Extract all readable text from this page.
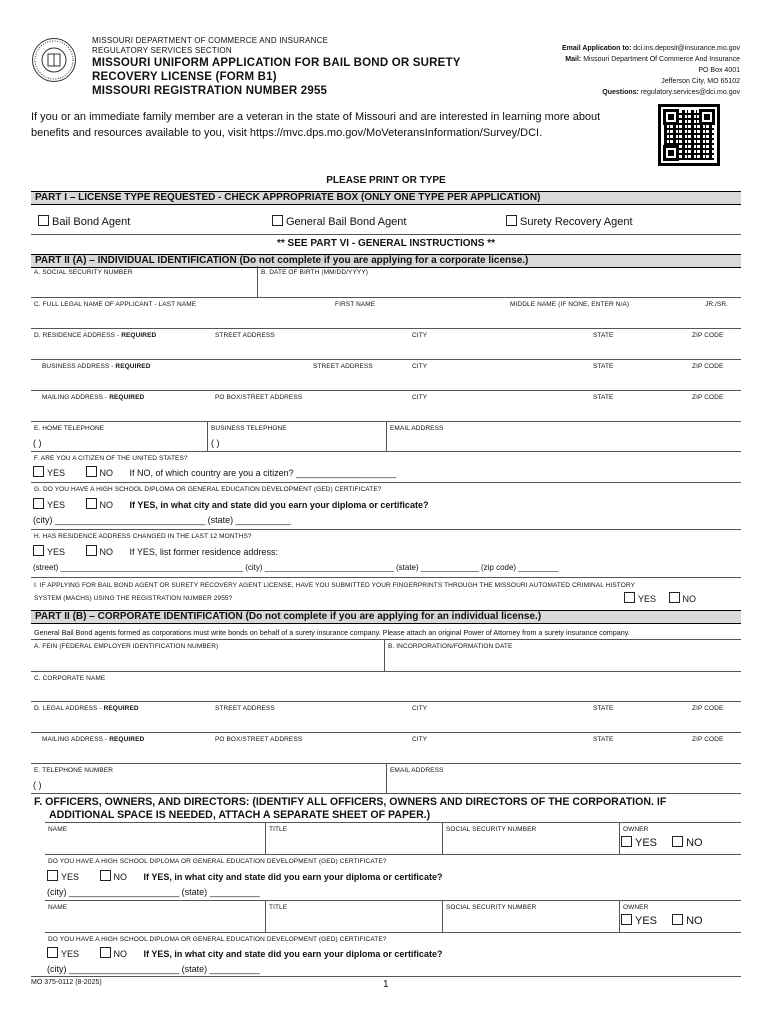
MISSOURI DEPARTMENT OF COMMERCE AND INSURANCE
REGULATORY SERVICES SECTION
MISSOURI UNIFORM APPLICATION FOR BAIL BOND OR SURETY
RECOVERY LICENSE (FORM B1)
MISSOURI REGISTRATION NUMBER 2955
Email Application to: dci.ins.deposit@insurance.mo.gov
Mail: Missouri Department Of Commerce And Insurance
PO Box 4001
Jefferson City, MO 65102
Questions: regulatory.services@dci.mo.gov
If you or an immediate family member are a veteran in the state of Missouri and are interested in learning more about
benefits and resources available to you, visit https://mvc.dps.mo.gov/MoVeteransInformation/Survey/DCI.
PLEASE PRINT OR TYPE
PART I – LICENSE TYPE REQUESTED - CHECK APPROPRIATE BOX (ONLY ONE TYPE PER APPLICATION)
Bail Bond Agent	General Bail Bond Agent	Surety Recovery Agent
** SEE PART VI - GENERAL INSTRUCTIONS **
PART II (A) – INDIVIDUAL IDENTIFICATION (Do not complete if you are applying for a corporate license.)
A. SOCIAL SECURITY NUMBER	B. DATE OF BIRTH (MM/DD/YYYY)
C. FULL LEGAL NAME OF APPLICANT - LAST NAME	FIRST NAME	MIDDLE NAME (IF NONE, ENTER N/A)	JR./SR.
D. RESIDENCE ADDRESS - REQUIRED	STREET ADDRESS	CITY	STATE	ZIP CODE
BUSINESS ADDRESS - REQUIRED	STREET ADDRESS	CITY	STATE	ZIP CODE
MAILING ADDRESS - REQUIRED	PO BOX/STREET ADDRESS	CITY	STATE	ZIP CODE
E. HOME TELEPHONE	BUSINESS TELEPHONE	EMAIL ADDRESS
( )	( )
F. ARE YOU A CITIZEN OF THE UNITED STATES?
YES	NO If NO, of which country are you a citizen? ____________________
G. DO YOU HAVE A HIGH SCHOOL DIPLOMA OR GENERAL EDUCATION DEVELOPMENT (GED) CERTIFICATE?
YES	NO If YES, in what city and state did you earn your diploma or certificate?
(city) ______________________________ (state) ___________
H. HAS RESIDENCE ADDRESS CHANGED IN THE LAST 12 MONTHS?
YES	NO If YES, list former residence address:
(street) _________________________________________ (city) _____________________________ (state) _____________ (zip code) _________
I. IF APPLYING FOR BAIL BOND AGENT OR SURETY RECOVERY AGENT LICENSE, HAVE YOU SUBMITTED YOUR FINGERPRINTS THROUGH THE MISSOURI AUTOMATED CRIMINAL HISTORY
SYSTEM (MACHS) USING THE REGISTRATION NUMBER 2955?	YES	NO
PART II (B) – CORPORATE IDENTIFICATION (Do not complete if you are applying for an individual license.)
General Bail Bond agents formed as corporations must write bonds on behalf of a surety insurance company. Please attach an original Power of Attorney from a surety insurance company.
A. FEIN (FEDERAL EMPLOYER IDENTIFICATION NUMBER)	B. INCORPORATION/FORMATION DATE
C. CORPORATE NAME
D. LEGAL ADDRESS - REQUIRED	STREET ADDRESS	CITY	STATE	ZIP CODE
MAILING ADDRESS - REQUIRED	PO BOX/STREET ADDRESS	CITY	STATE	ZIP CODE
E. TELEPHONE NUMBER	EMAIL ADDRESS
( )
F. OFFICERS, OWNERS, AND DIRECTORS: (IDENTIFY ALL OFFICERS, OWNERS AND DIRECTORS OF THE CORPORATION. IF
ADDITIONAL SPACE IS NEEDED, ATTACH A SEPARATE SHEET OF PAPER.)
NAME	TITLE	SOCIAL SECURITY NUMBER	OWNER
YES	NO
DO YOU HAVE A HIGH SCHOOL DIPLOMA OR GENERAL EDUCATION DEVELOPMENT (GED) CERTIFICATE?
YES	NO If YES, in what city and state did you earn your diploma or certificate?
(city) ______________________ (state) __________
NAME	TITLE	SOCIAL SECURITY NUMBER	OWNER
YES	NO
DO YOU HAVE A HIGH SCHOOL DIPLOMA OR GENERAL EDUCATION DEVELOPMENT (GED) CERTIFICATE?
YES	NO If YES, in what city and state did you earn your diploma or certificate?
(city) ______________________ (state) __________
MO 375-0112 (8-2025)	1
